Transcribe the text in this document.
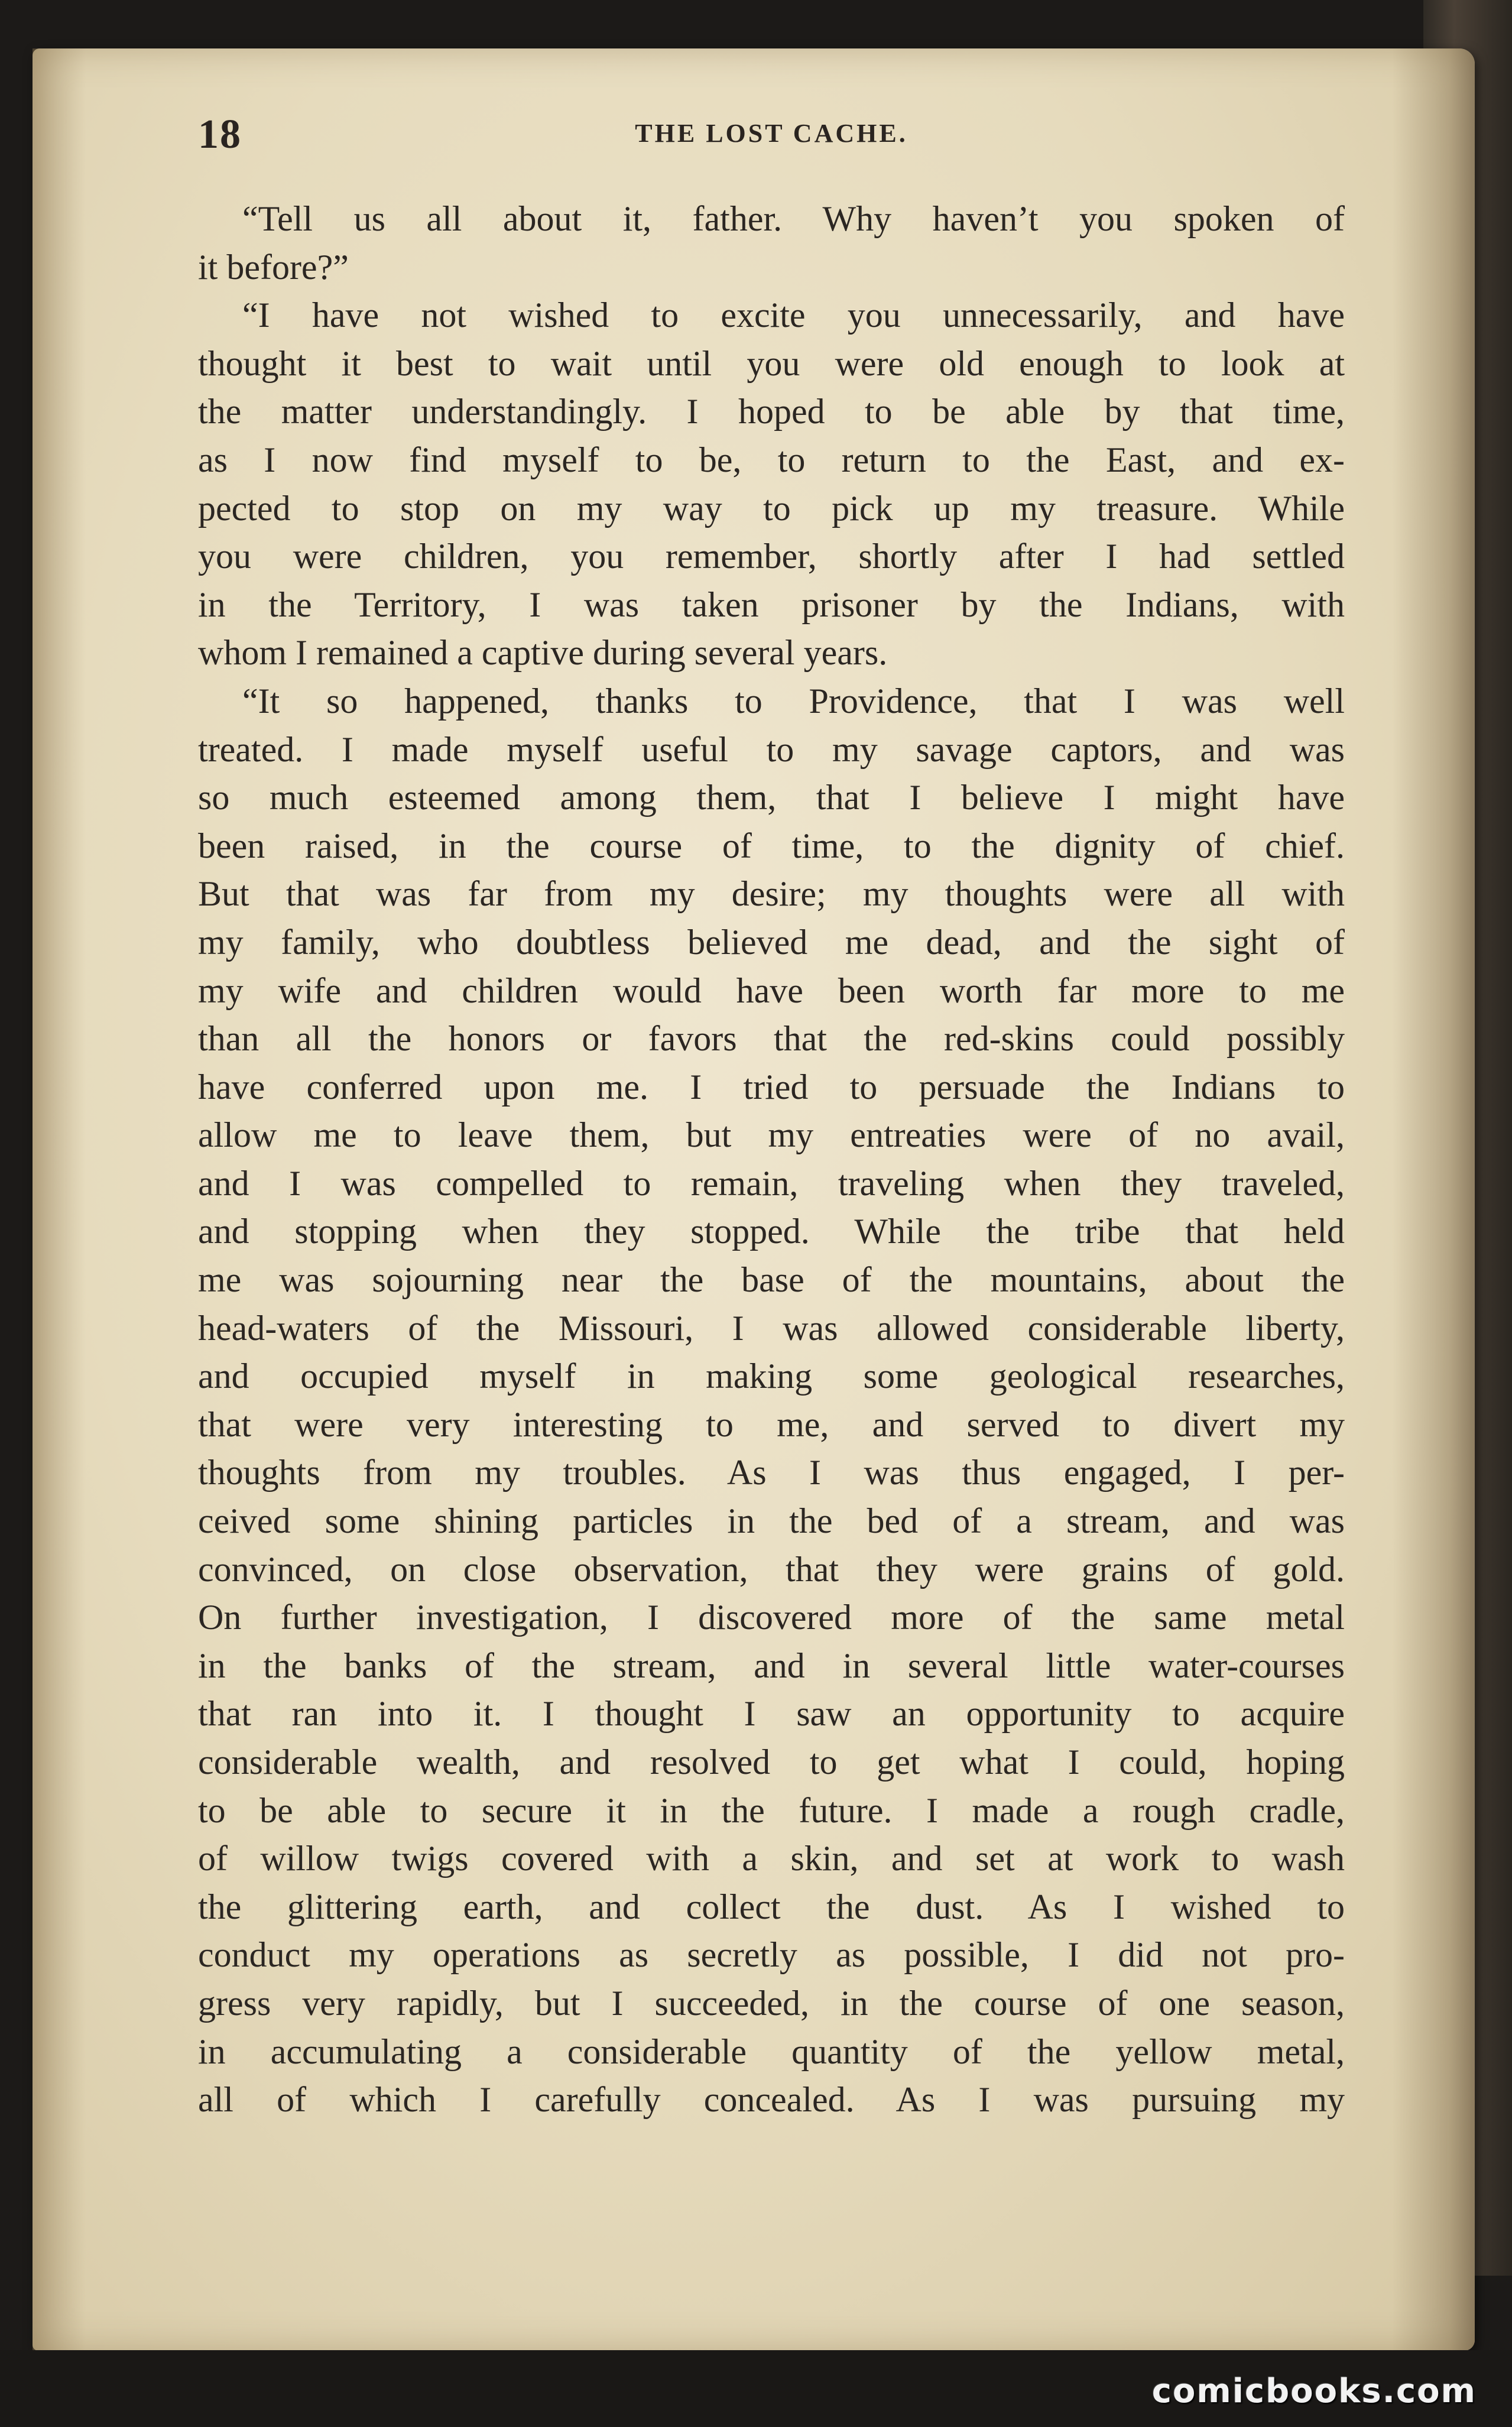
18	THE LOST CACHE.
“Tell us all about it, father. Why haven’t you spoken of
it before?”
“I have not wished to excite you unnecessarily, and have
thought it best to wait until you were old enough to look at
the matter understandingly. I hoped to be able by that time,
as I now find myself to be, to return to the East, and ex-
pected to stop on my way to pick up my treasure. While
you were children, you remember, shortly after I had settled
in the Territory, I was taken prisoner by the Indians, with
whom I remained a captive during several years.
“It so happened, thanks to Providence, that I was well
treated. I made myself useful to my savage captors, and was
so much esteemed among them, that I believe I might have
been raised, in the course of time, to the dignity of chief.
But that was far from my desire; my thoughts were all with
my family, who doubtless believed me dead, and the sight of
my wife and children would have been worth far more to me
than all the honors or favors that the red-skins could possibly
have conferred upon me. I tried to persuade the Indians to
allow me to leave them, but my entreaties were of no avail,
and I was compelled to remain, traveling when they traveled,
and stopping when they stopped. While the tribe that held
me was sojourning near the base of the mountains, about the
head-waters of the Missouri, I was allowed considerable liberty,
and occupied myself in making some geological researches,
that were very interesting to me, and served to divert my
thoughts from my troubles. As I was thus engaged, I per-
ceived some shining particles in the bed of a stream, and was
convinced, on close observation, that they were grains of gold.
On further investigation, I discovered more of the same metal
in the banks of the stream, and in several little water-courses
that ran into it. I thought I saw an opportunity to acquire
considerable wealth, and resolved to get what I could, hoping
to be able to secure it in the future. I made a rough cradle,
of willow twigs covered with a skin, and set at work to wash
the glittering earth, and collect the dust. As I wished to
conduct my operations as secretly as possible, I did not pro-
gress very rapidly, but I succeeded, in the course of one season,
in accumulating a considerable quantity of the yellow metal,
all of which I carefully concealed. As I was pursuing my
comicbooks.com
